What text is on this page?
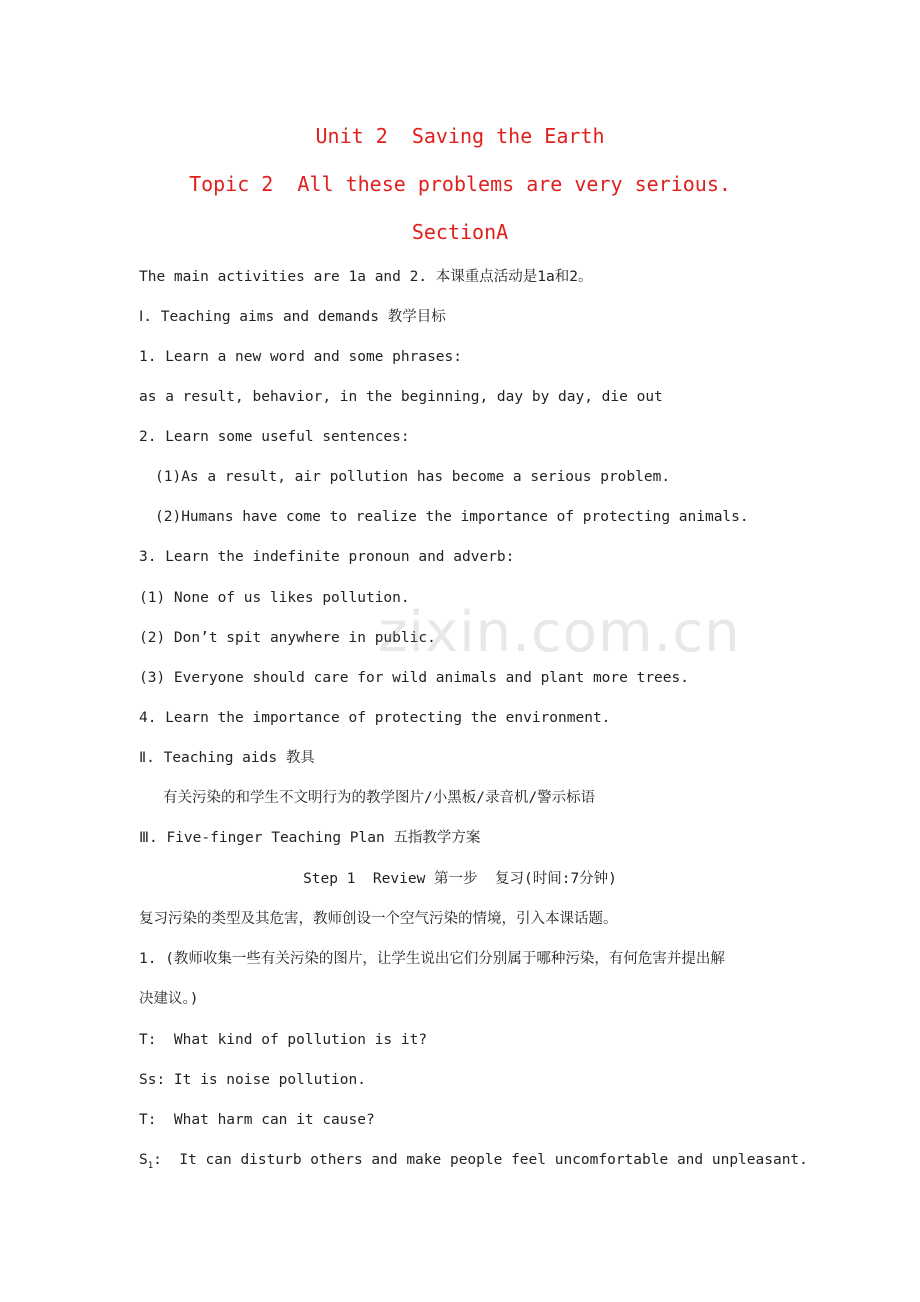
Unit 2  Saving the Earth
Topic 2  All these problems are very serious.
SectionA
The main activities are 1a and 2. 本课重点活动是1a和2。
Ⅰ. Teaching aims and demands 教学目标
1. Learn a new word and some phrases:
as a result, behavior, in the beginning, day by day, die out
2. Learn some useful sentences:
(1)As a result, air pollution has become a serious problem.
(2)Humans have come to realize the importance of protecting animals.
3. Learn the indefinite pronoun and adverb:
(1) None of us likes pollution.
(2) Don’t spit anywhere in public.
(3) Everyone should care for wild animals and plant more trees.
4. Learn the importance of protecting the environment.
Ⅱ. Teaching aids 教具
有关污染的和学生不文明行为的教学图片/小黑板/录音机/警示标语
Ⅲ. Five-finger Teaching Plan 五指教学方案
Step 1  Review 第一步  复习(时间:7分钟)
复习污染的类型及其危害，教师创设一个空气污染的情境，引入本课话题。
1. (教师收集一些有关污染的图片，让学生说出它们分别属于哪种污染，有何危害并提出解
决建议。)
T:  What kind of pollution is it?
Ss: It is noise pollution.
T:  What harm can it cause?
$S_1$:  It can disturb others and make people feel uncomfortable and unpleasant.
zixin.com.cn
